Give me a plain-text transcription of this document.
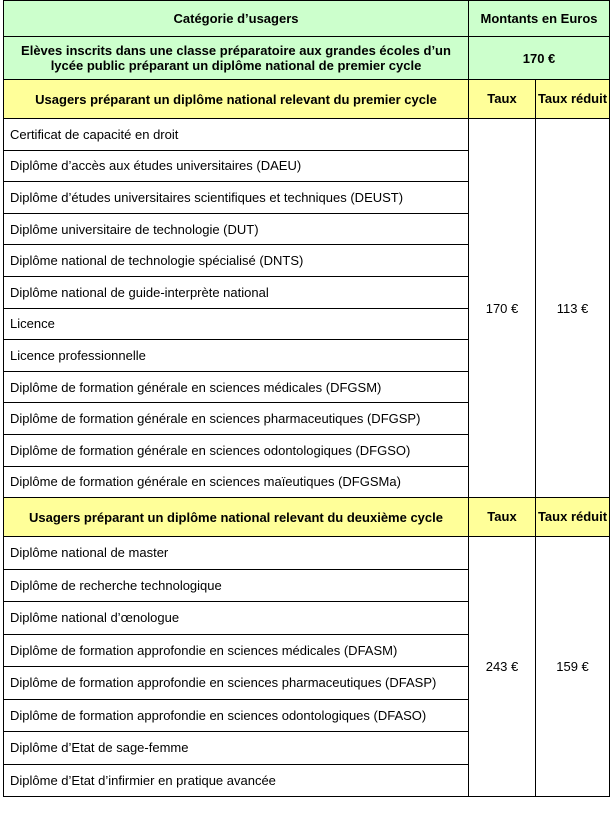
Catégorie d’usagers	Montants en Euros	
Elèves inscrits dans une classe préparatoire aux grandes écoles d’un lycée public préparant un diplôme national de premier cycle	170 €	
Usagers préparant un diplôme national relevant du premier cycle	Taux	Taux réduit
Certificat de capacité en droit	170 €	113 €
Diplôme d’accès aux études universitaires (DAEU)		
Diplôme d’études universitaires scientifiques et techniques (DEUST)		
Diplôme universitaire de technologie (DUT)		
Diplôme national de technologie spécialisé (DNTS)		
Diplôme national de guide-interprète national		
Licence		
Licence professionnelle		
Diplôme de formation générale en sciences médicales (DFGSM)		
Diplôme de formation générale en sciences pharmaceutiques (DFGSP)		
Diplôme de formation générale en sciences odontologiques (DFGSO)		
Diplôme de formation générale en sciences maïeutiques (DFGSMa)		
Usagers préparant un diplôme national relevant du deuxième cycle	Taux	Taux réduit
Diplôme national de master	243 €	159 €
Diplôme de recherche technologique		
Diplôme national d’œnologue		
Diplôme de formation approfondie en sciences médicales (DFASM)		
Diplôme de formation approfondie en sciences pharmaceutiques (DFASP)		
Diplôme de formation approfondie en sciences odontologiques (DFASO)		
Diplôme d’Etat de sage-femme		
Diplôme d’Etat d’infirmier en pratique avancée		
